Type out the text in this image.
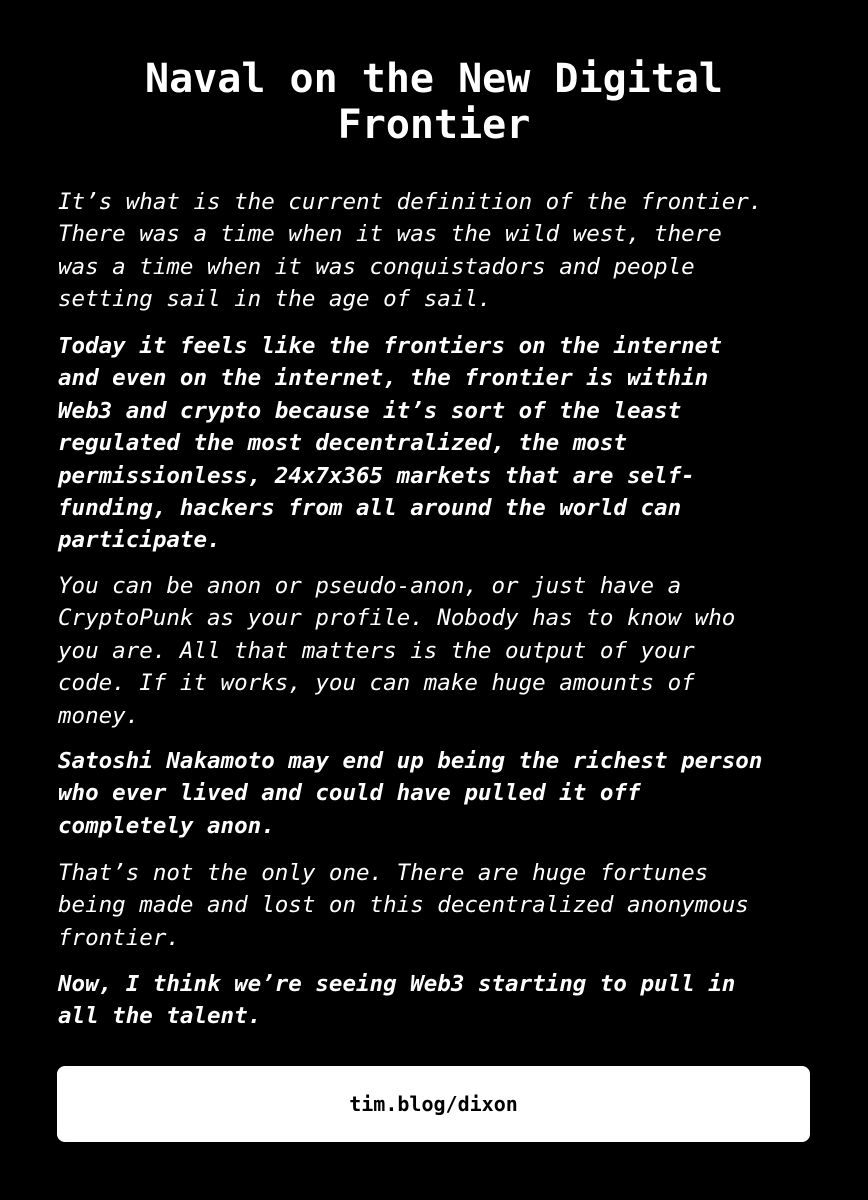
Naval on the New Digital Frontier

It’s what is the current definition of the frontier.
There was a time when it was the wild west, there
was a time when it was conquistadors and people
setting sail in the age of sail.

Today it feels like the frontiers on the internet
and even on the internet, the frontier is within
Web3 and crypto because it’s sort of the least
regulated the most decentralized, the most
permissionless, 24x7x365 markets that are self-
funding, hackers from all around the world can
participate.

You can be anon or pseudo-anon, or just have a
CryptoPunk as your profile. Nobody has to know who
you are. All that matters is the output of your
code. If it works, you can make huge amounts of
money.

Satoshi Nakamoto may end up being the richest person
who ever lived and could have pulled it off
completely anon.

That’s not the only one. There are huge fortunes
being made and lost on this decentralized anonymous
frontier.

Now, I think we’re seeing Web3 starting to pull in
all the talent.

tim.blog/dixon
